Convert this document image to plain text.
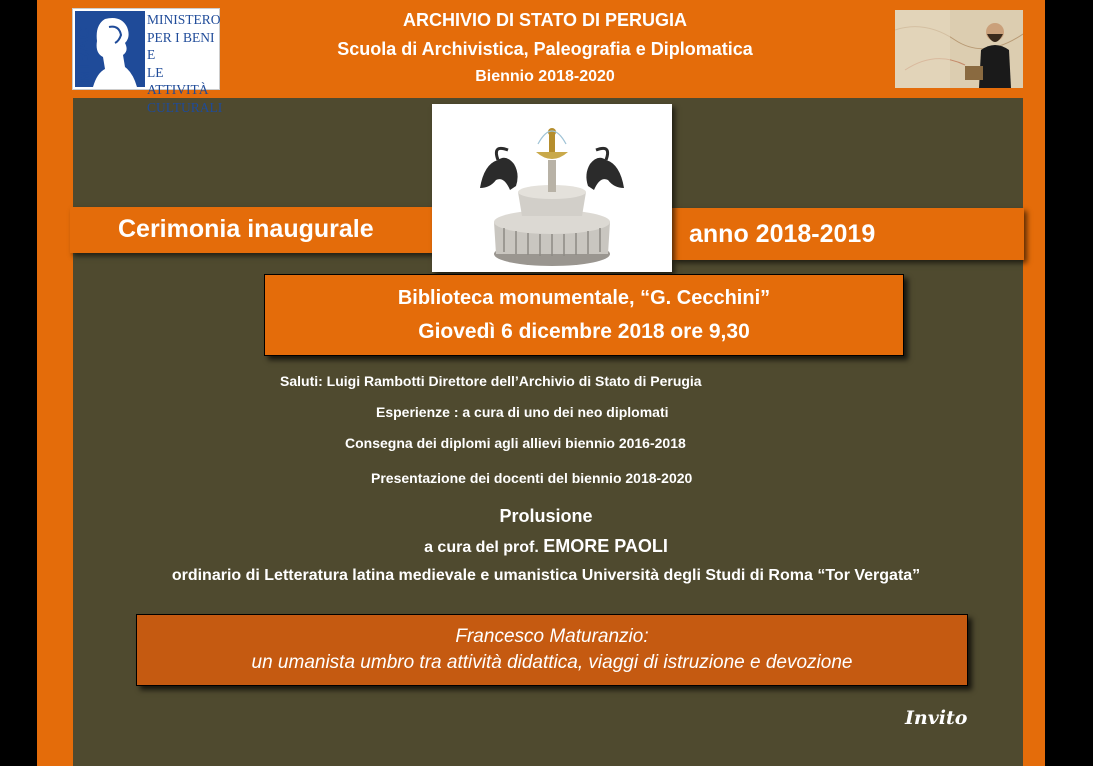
MiBAC
MINISTERO
PER I BENI E
LE ATTIVITÀ
CULTURALI
ARCHIVIO DI STATO DI PERUGIA
Scuola di Archivistica, Paleografia e Diplomatica
Biennio 2018-2020
Cerimonia inaugurale	anno 2018-2019
Biblioteca monumentale, “G. Cecchini”
Giovedì 6 dicembre 2018 ore 9,30
Saluti: Luigi Rambotti Direttore dell’Archivio di Stato di Perugia
Esperienze : a cura di uno dei neo diplomati
Consegna dei diplomi agli allievi biennio 2016-2018
Presentazione dei docenti del biennio 2018-2020
Prolusione
a cura del prof. EMORE PAOLI
ordinario di Letteratura latina medievale e umanistica Università degli Studi di Roma “Tor Vergata”
Francesco Maturanzio:
un umanista umbro tra attività didattica, viaggi di istruzione e devozione
Invito
